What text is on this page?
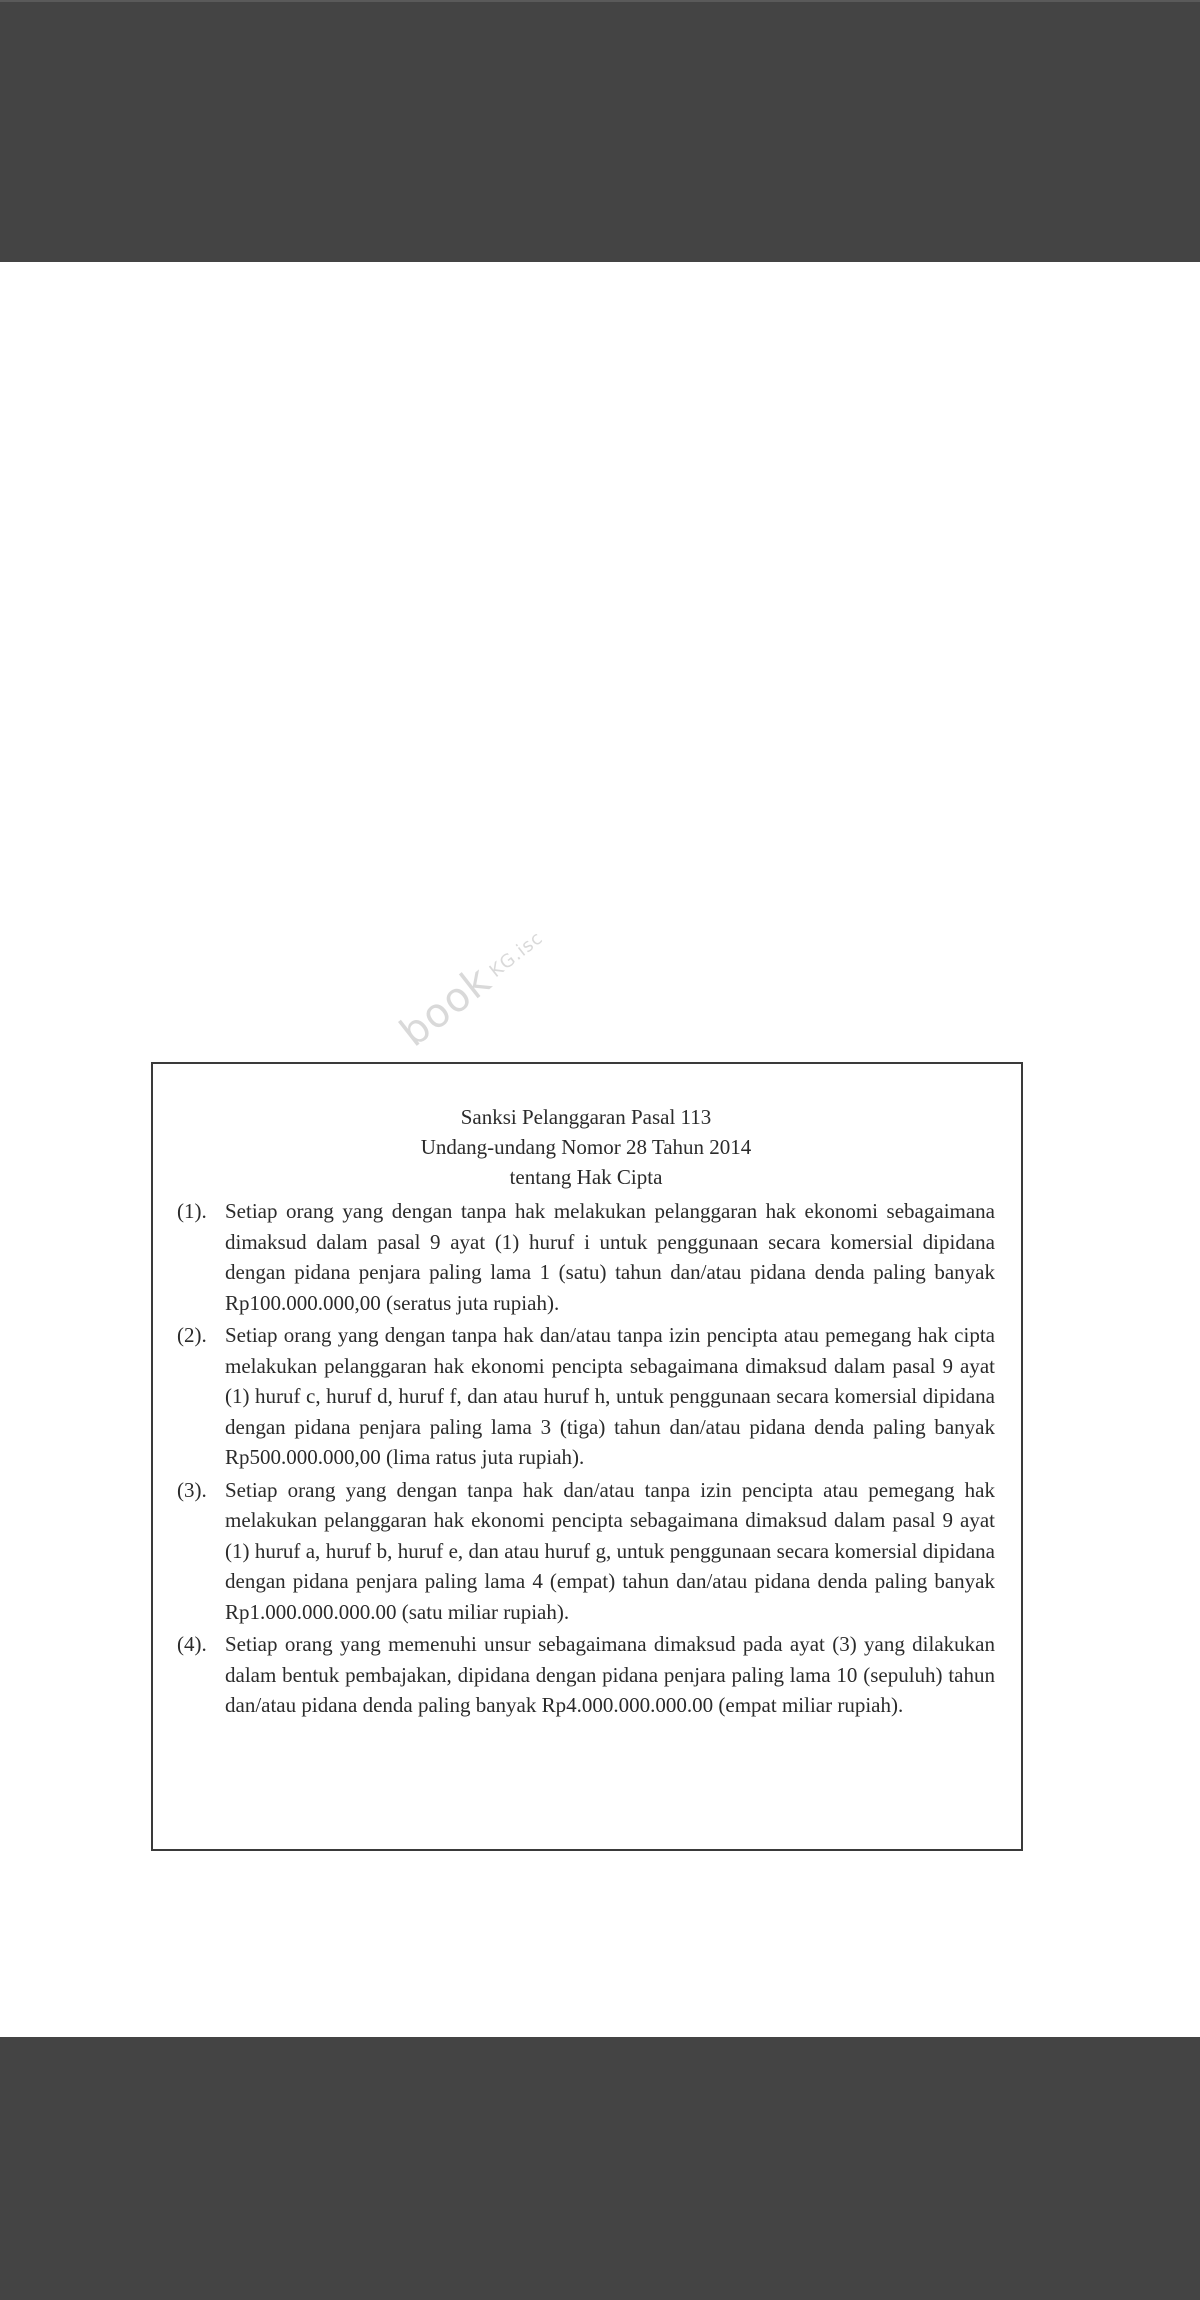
bookKG.isc
Sanksi Pelanggaran Pasal 113
Undang-undang Nomor 28 Tahun 2014
tentang Hak Cipta
(1). Setiap orang yang dengan tanpa hak melakukan pelanggaran hak ekonomi sebagaimana dimaksud dalam pasal 9 ayat (1) huruf i untuk penggunaan secara komersial dipidana dengan pidana penjara paling lama 1 (satu) tahun dan/atau pidana denda paling banyak Rp100.000.000,00 (seratus juta rupiah).
(2). Setiap orang yang dengan tanpa hak dan/atau tanpa izin pencipta atau pemegang hak cipta melakukan pelanggaran hak ekonomi pencipta sebagaimana dimaksud dalam pasal 9 ayat (1) huruf c, huruf d, huruf f, dan atau huruf h, untuk penggunaan secara komersial dipidana dengan pidana penjara paling lama 3 (tiga) tahun dan/atau pidana denda paling banyak Rp500.000.000,00 (lima ratus juta rupiah).
(3). Setiap orang yang dengan tanpa hak dan/atau tanpa izin pencipta atau pemegang hak melakukan pelanggaran hak ekonomi pencipta sebagaimana dimaksud dalam pasal 9 ayat (1) huruf a, huruf b, huruf e, dan atau huruf g, untuk penggunaan secara komersial dipidana dengan pidana penjara paling lama 4 (empat) tahun dan/atau pidana denda paling banyak Rp1.000.000.000.00 (satu miliar rupiah).
(4). Setiap orang yang memenuhi unsur sebagaimana dimaksud pada ayat (3) yang dilakukan dalam bentuk pembajakan, dipidana dengan pidana penjara paling lama 10 (sepuluh) tahun dan/atau pidana denda paling banyak Rp4.000.000.000.00 (empat miliar rupiah).
